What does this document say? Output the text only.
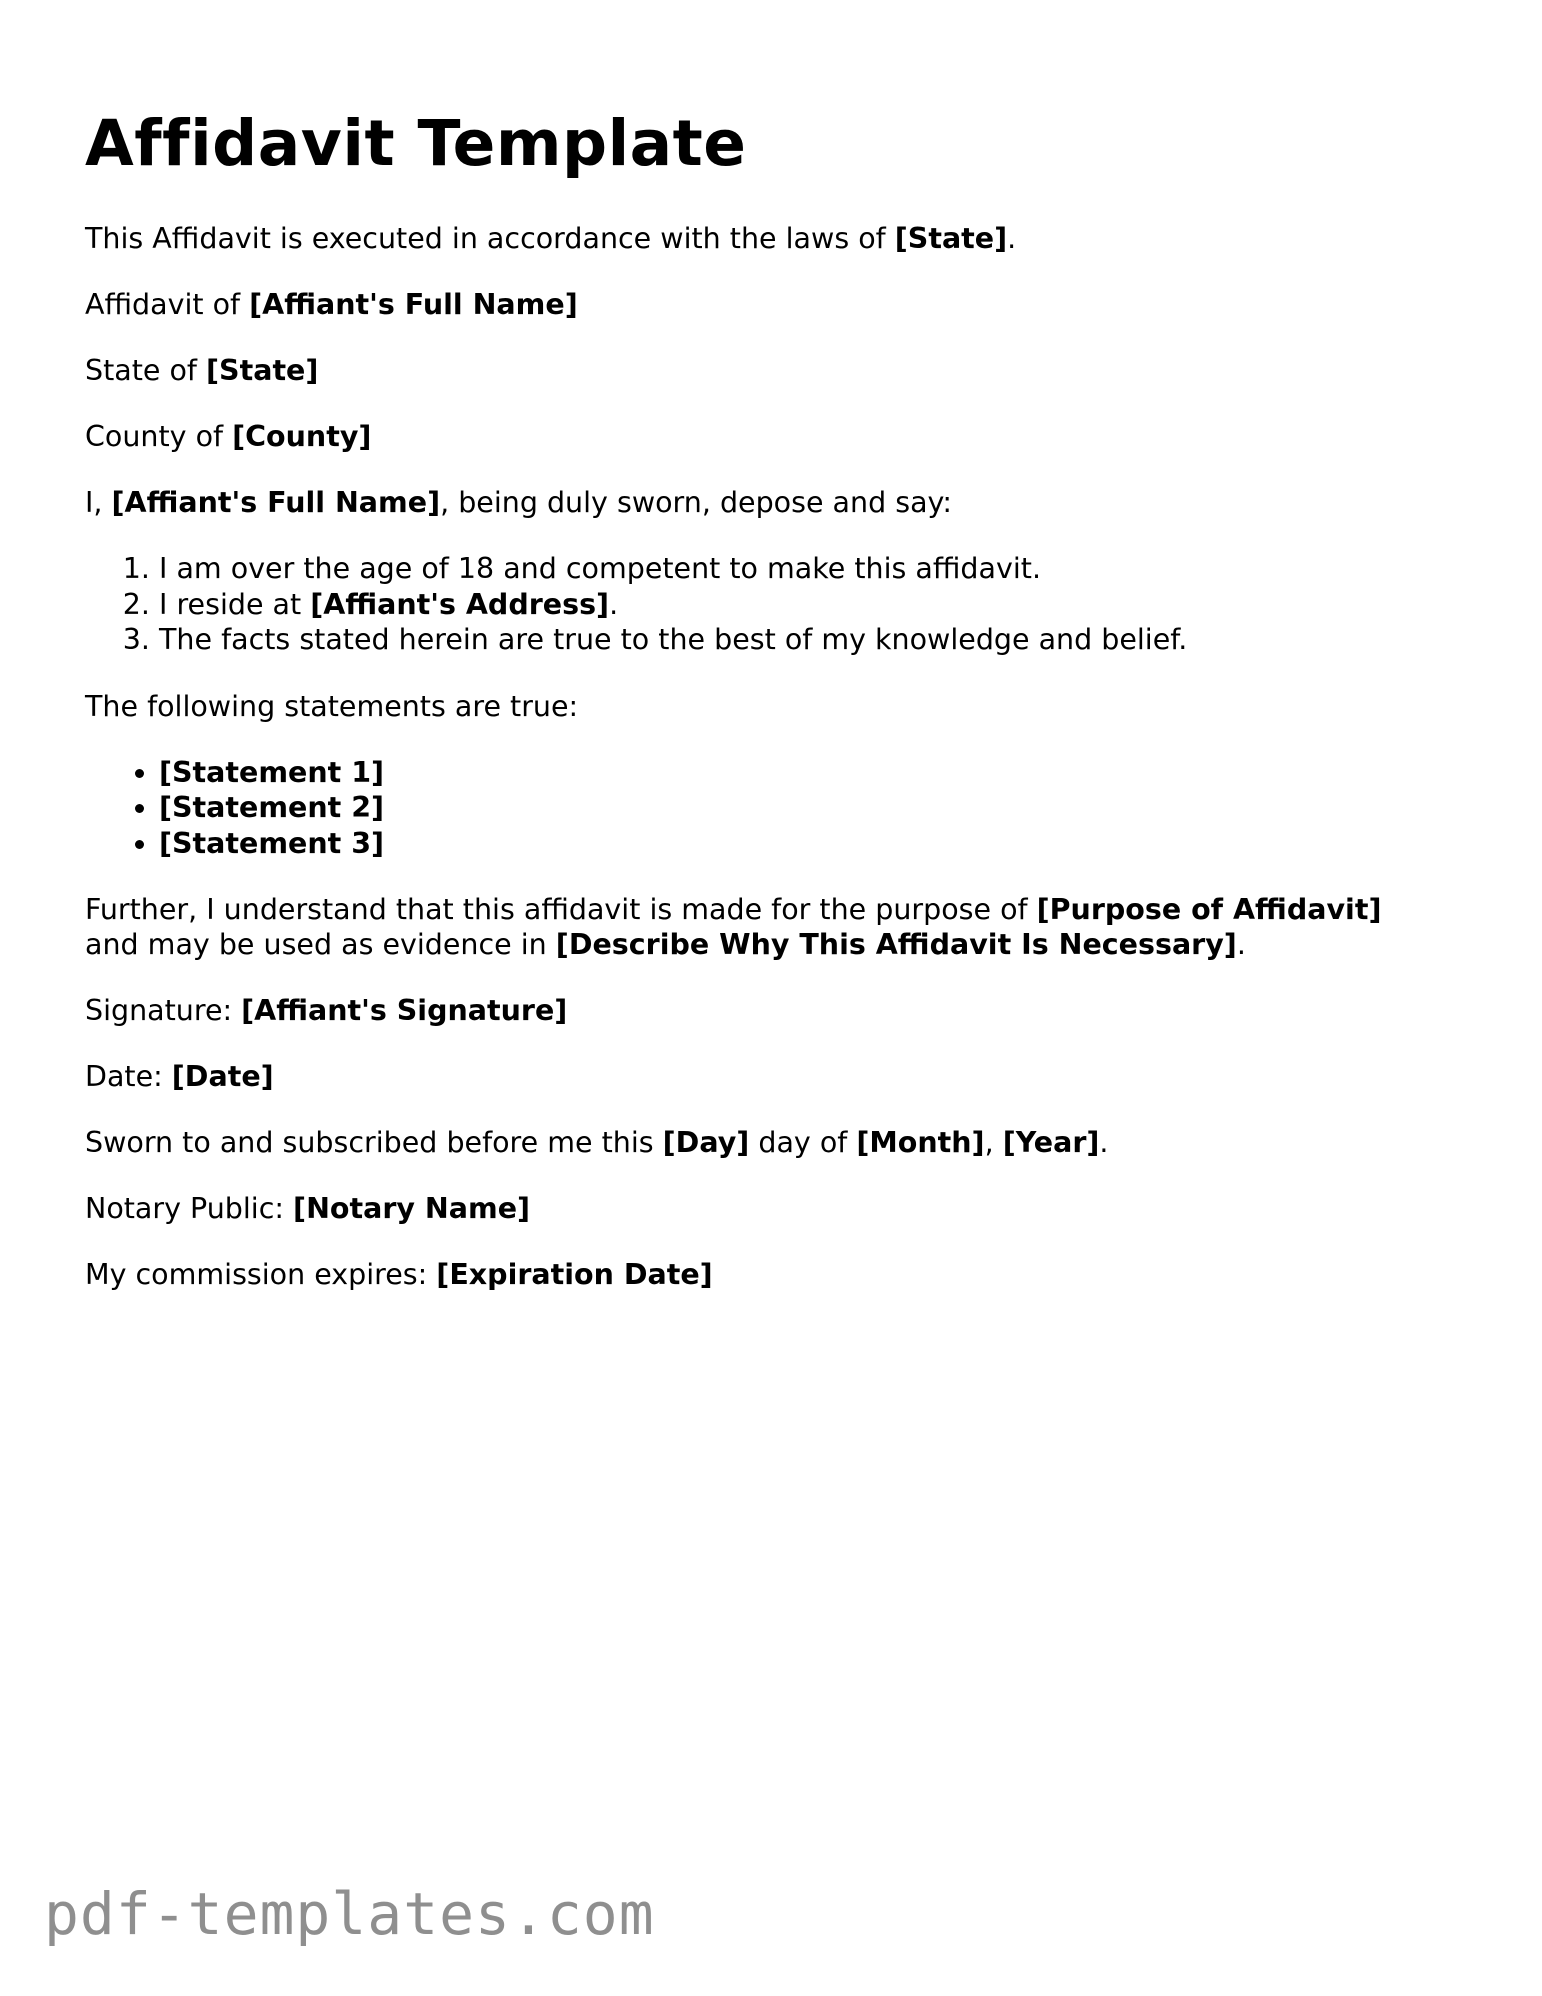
Affidavit Template

This Affidavit is executed in accordance with the laws of [State].

Affidavit of [Affiant's Full Name]

State of [State]

County of [County]

I, [Affiant's Full Name], being duly sworn, depose and say:

1. I am over the age of 18 and competent to make this affidavit.
2. I reside at [Affiant's Address].
3. The facts stated herein are true to the best of my knowledge and belief.

The following statements are true:

• [Statement 1]
• [Statement 2]
• [Statement 3]

Further, I understand that this affidavit is made for the purpose of [Purpose of Affidavit]
and may be used as evidence in [Describe Why This Affidavit Is Necessary].

Signature: [Affiant's Signature]

Date: [Date]

Sworn to and subscribed before me this [Day] day of [Month], [Year].

Notary Public: [Notary Name]

My commission expires: [Expiration Date]

pdf-templates.com
